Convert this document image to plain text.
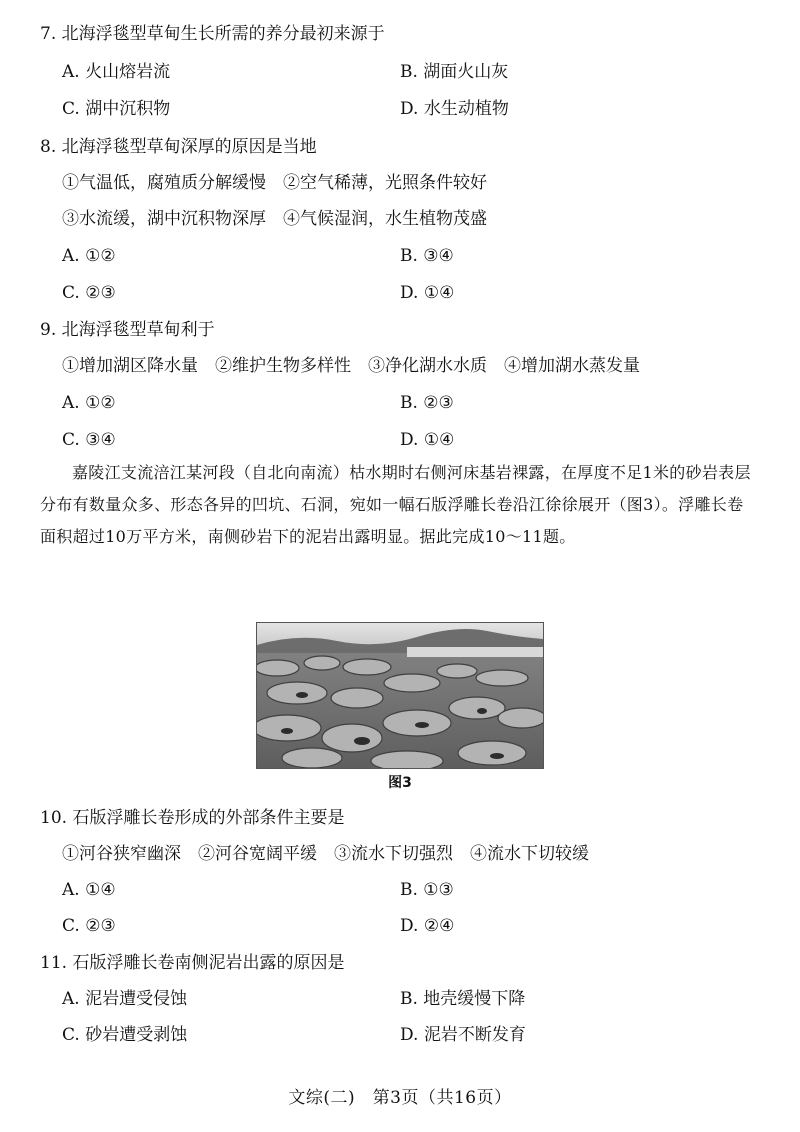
7. 北海浮毯型草甸生长所需的养分最初来源于
A. 火山熔岩流	B. 湖面火山灰
C. 湖中沉积物	D. 水生动植物
8. 北海浮毯型草甸深厚的原因是当地
①气温低，腐殖质分解缓慢　②空气稀薄，光照条件较好
③水流缓，湖中沉积物深厚　④气候湿润，水生植物茂盛
A. ①②	B. ③④
C. ②③	D. ①④
9. 北海浮毯型草甸利于
①增加湖区降水量　②维护生物多样性　③净化湖水水质　④增加湖水蒸发量
A. ①②	B. ②③
C. ③④	D. ①④
嘉陵江支流涪江某河段（自北向南流）枯水期时右侧河床基岩裸露，在厚度不足1米的砂岩表层分布有数量众多、形态各异的凹坑、石洞，宛如一幅石版浮雕长卷沿江徐徐展开（图3）。浮雕长卷面积超过10万平方米，南侧砂岩下的泥岩出露明显。据此完成10～11题。
图3
10. 石版浮雕长卷形成的外部条件主要是
①河谷狭窄幽深　②河谷宽阔平缓　③流水下切强烈　④流水下切较缓
A. ①④	B. ①③
C. ②③	D. ②④
11. 石版浮雕长卷南侧泥岩出露的原因是
A. 泥岩遭受侵蚀	B. 地壳缓慢下降
C. 砂岩遭受剥蚀	D. 泥岩不断发育
文综(二)　第3页（共16页）
